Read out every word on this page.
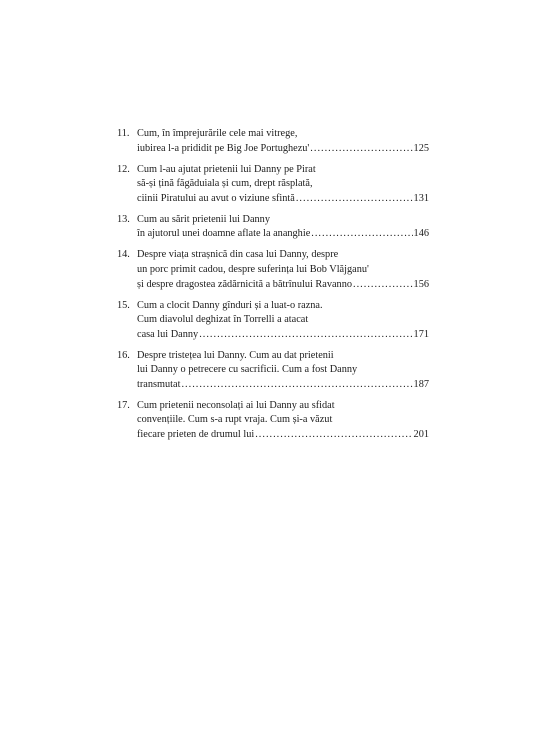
11. Cum, în împrejurările cele mai vitrege,
iubirea l-a prididit pe Big Joe Portughezu' .....	125
12. Cum l-au ajutat prietenii lui Danny pe Pirat
să-și țină făgăduiala și cum, drept răsplată,
ciinii Piratului au avut o viziune sfintă .....	131
13. Cum au sărit prietenii lui Danny
în ajutorul unei doamne aflate la ananghie .....	146
14. Despre viața strașnică din casa lui Danny, despre
un porc primit cadou, despre suferința lui Bob Vlăjganu'
și despre dragostea zădărnicită a bătrînului Ravanno .....	156
15. Cum a clocit Danny gînduri și a luat-o razna.
Cum diavolul deghizat în Torrelli a atacat
casa lui Danny .....	171
16. Despre tristețea lui Danny. Cum au dat prietenii
lui Danny o petrecere cu sacrificii. Cum a fost Danny
transmutat .....	187
17. Cum prietenii neconsolați ai lui Danny au sfidat
convențiile. Cum s-a rupt vraja. Cum și-a văzut
fiecare prieten de drumul lui .....	201
